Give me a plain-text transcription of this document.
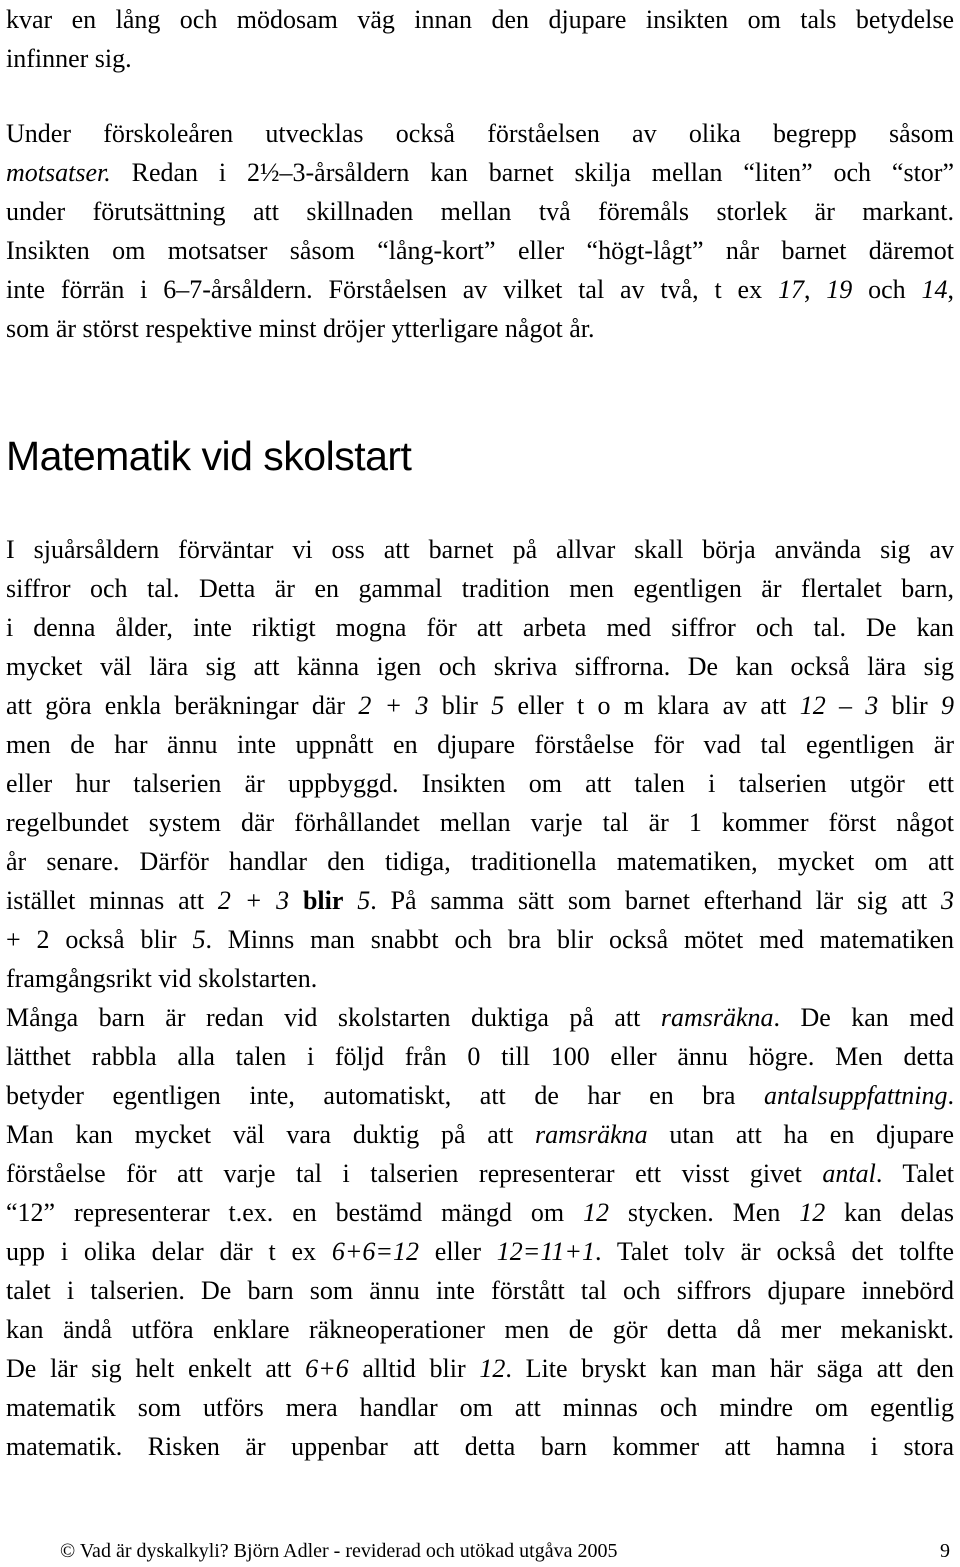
kvar en lång och mödosam väg innan den djupare insikten om tals betydelse
infinner sig.
Under förskoleåren utvecklas också förståelsen av olika begrepp såsom
motsatser. Redan i 2½–3-årsåldern kan barnet skilja mellan “liten” och “stor”
under förutsättning att skillnaden mellan två föremåls storlek är markant.
Insikten om motsatser såsom “lång-kort” eller “högt-lågt” når barnet däremot
inte förrän i 6–7-årsåldern. Förståelsen av vilket tal av två, t ex 17, 19 och 14,
som är störst respektive minst dröjer ytterligare något år.
Matematik vid skolstart
I sjuårsåldern förväntar vi oss att barnet på allvar skall börja använda sig av
siffror och tal. Detta är en gammal tradition men egentligen är flertalet barn,
i denna ålder, inte riktigt mogna för att arbeta med siffror och tal. De kan
mycket väl lära sig att känna igen och skriva siffrorna. De kan också lära sig
att göra enkla beräkningar där 2 + 3 blir 5 eller t o m klara av att 12 – 3 blir 9
men de har ännu inte uppnått en djupare förståelse för vad tal egentligen är
eller hur talserien är uppbyggd. Insikten om att talen i talserien utgör ett
regelbundet system där förhållandet mellan varje tal är 1 kommer först något
år senare. Därför handlar den tidiga, traditionella matematiken, mycket om att
istället minnas att 2 + 3 blir 5. På samma sätt som barnet efterhand lär sig att 3
+ 2 också blir 5. Minns man snabbt och bra blir också mötet med matematiken
framgångsrikt vid skolstarten.
Många barn är redan vid skolstarten duktiga på att ramsräkna. De kan med
lätthet rabbla alla talen i följd från 0 till 100 eller ännu högre. Men detta
betyder egentligen inte, automatiskt, att de har en bra antalsuppfattning.
Man kan mycket väl vara duktig på att ramsräkna utan att ha en djupare
förståelse för att varje tal i talserien representerar ett visst givet antal. Talet
“12” representerar t.ex. en bestämd mängd om 12 stycken. Men 12 kan delas
upp i olika delar där t ex 6+6=12 eller 12=11+1. Talet tolv är också det tolfte
talet i talserien. De barn som ännu inte förstått tal och siffrors djupare innebörd
kan ändå utföra enklare räkneoperationer men de gör detta då mer mekaniskt.
De lär sig helt enkelt att 6+6 alltid blir 12. Lite bryskt kan man här säga att den
matematik som utförs mera handlar om att minnas och mindre om egentlig
matematik. Risken är uppenbar att detta barn kommer att hamna i stora
© Vad är dyskalkyli? Björn Adler - reviderad och utökad utgåva 2005	9
